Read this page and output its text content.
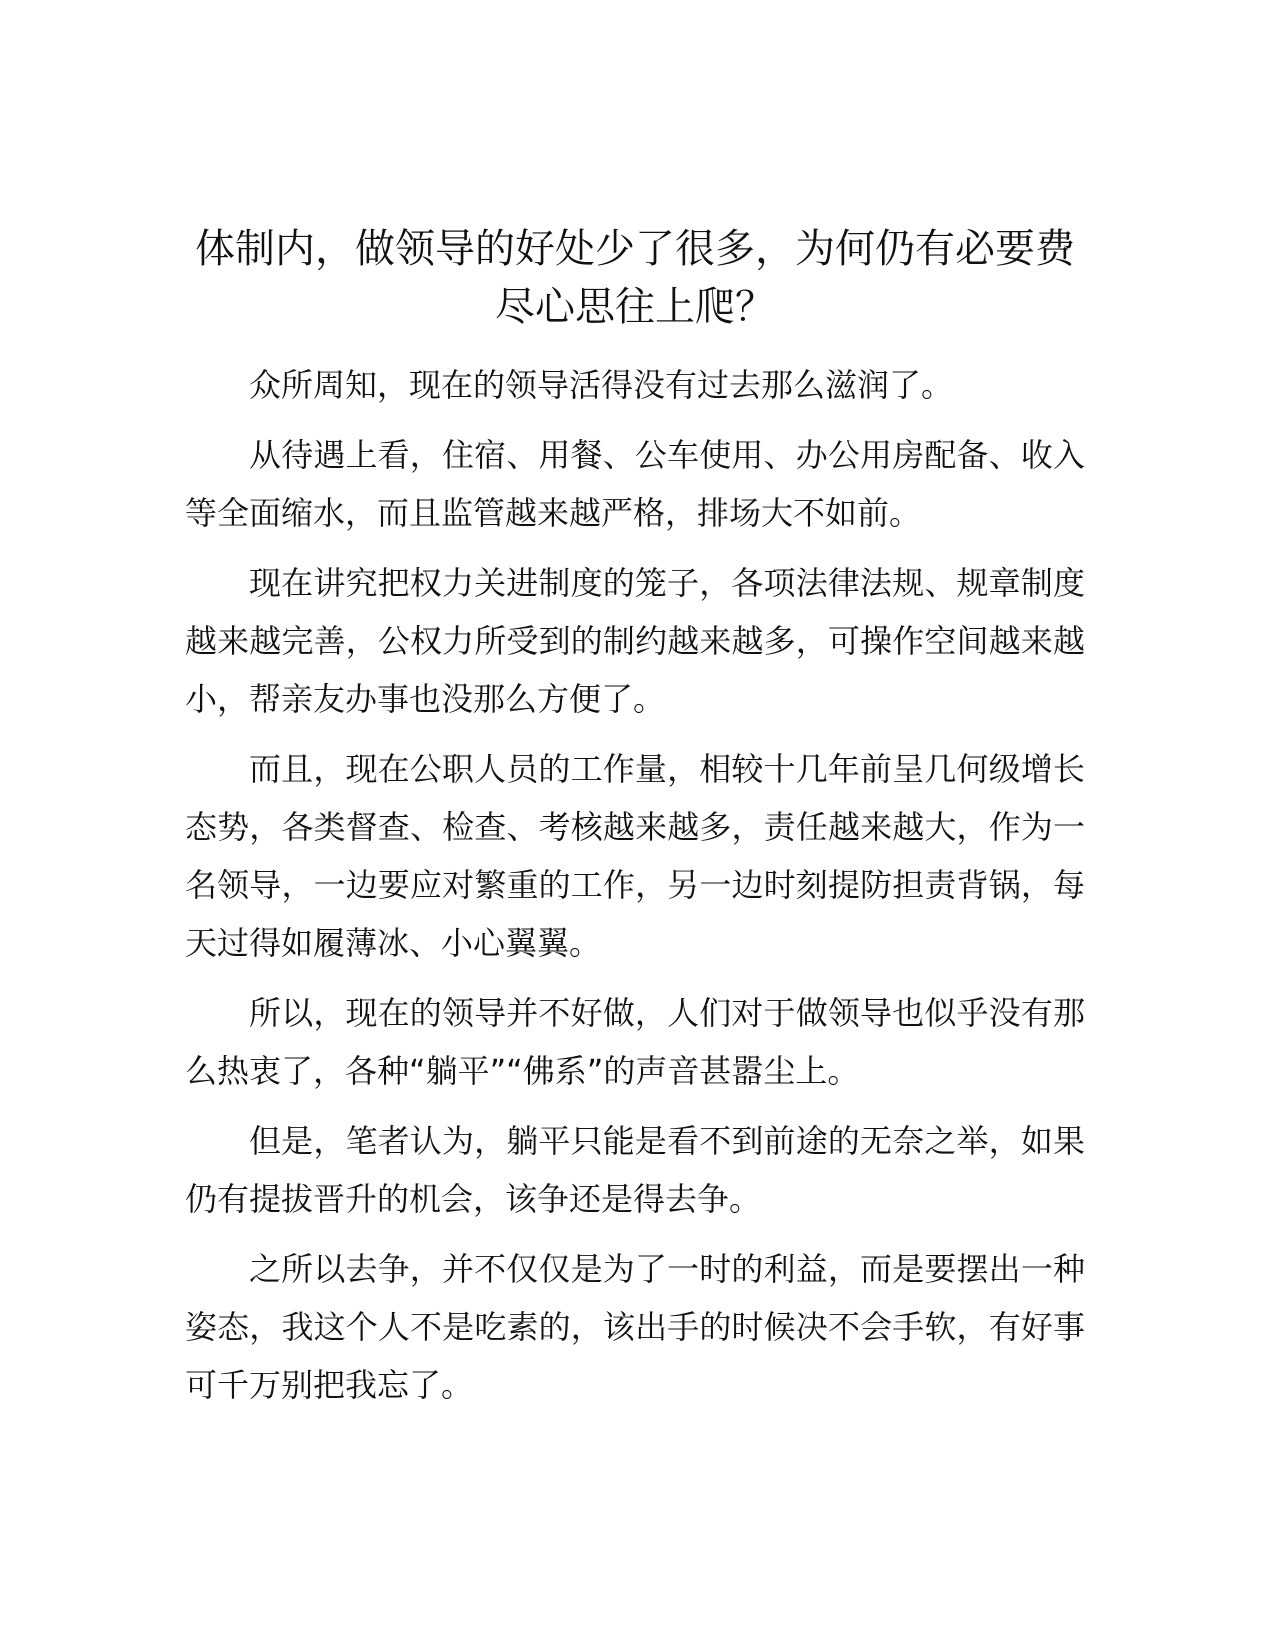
体制内，做领导的好处少了很多，为何仍有必要费尽心思往上爬？

众所周知，现在的领导活得没有过去那么滋润了。

从待遇上看，住宿、用餐、公车使用、办公用房配备、收入等全面缩水，而且监管越来越严格，排场大不如前。

现在讲究把权力关进制度的笼子，各项法律法规、规章制度越来越完善，公权力所受到的制约越来越多，可操作空间越来越小，帮亲友办事也没那么方便了。

而且，现在公职人员的工作量，相较十几年前呈几何级增长态势，各类督查、检查、考核越来越多，责任越来越大，作为一名领导，一边要应对繁重的工作，另一边时刻提防担责背锅，每天过得如履薄冰、小心翼翼。

所以，现在的领导并不好做，人们对于做领导也似乎没有那么热衷了，各种“躺平”“佛系”的声音甚嚣尘上。

但是，笔者认为，躺平只能是看不到前途的无奈之举，如果仍有提拔晋升的机会，该争还是得去争。

之所以去争，并不仅仅是为了一时的利益，而是要摆出一种姿态，我这个人不是吃素的，该出手的时候决不会手软，有好事可千万别把我忘了。
